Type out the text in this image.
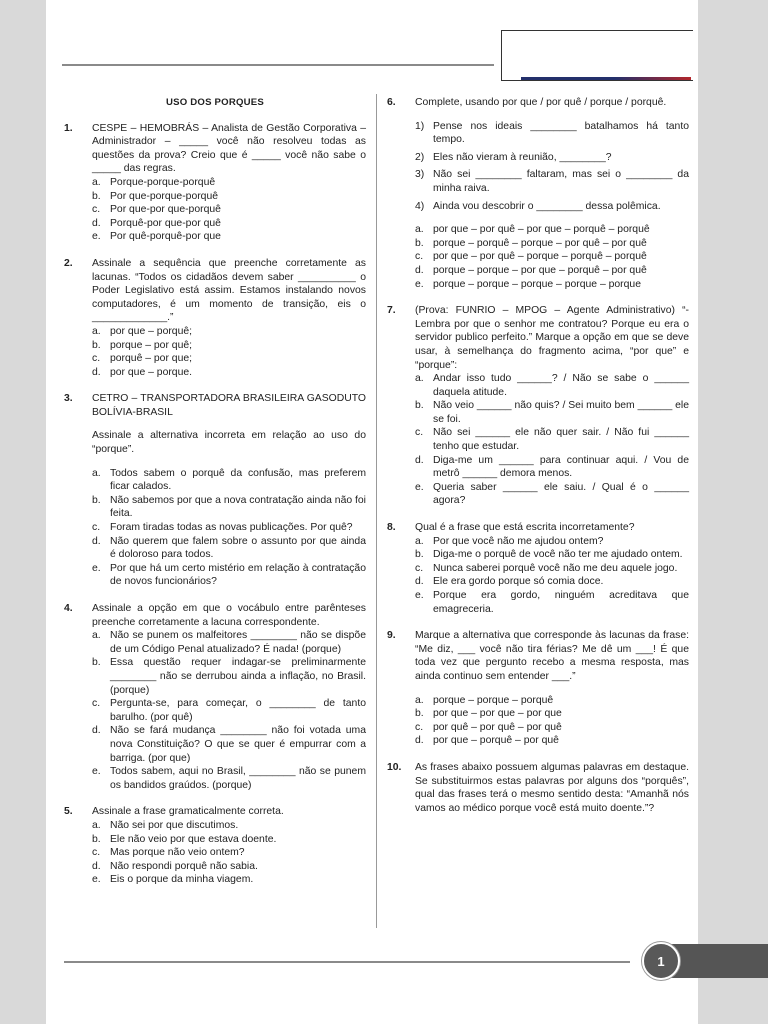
USO DOS PORQUES
1.	CESPE – HEMOBRÁS – Analista de Gestão Corporativa – Administrador – _____ você não resolveu todas as questões da prova? Creio que é _____ você não sabe o _____ das regras.
a. Porque-porque-porquê
b. Por que-porque-porquê
c. Por que-por que-porquê
d. Porquê-por que-por quê
e. Por quê-porquê-por que
2.	Assinale a sequência que preenche corretamente as lacunas. “Todos os cidadãos devem saber __________ o Poder Legislativo está assim. Estamos instalando novos computadores, é um momento de transição, eis o _____________.”
a. por que – porquê;
b. porque – por quê;
c. porquê – por que;
d. por que – porque.
3.	CETRO – TRANSPORTADORA BRASILEIRA GASODUTO BOLÍVIA-BRASIL
Assinale a alternativa incorreta em relação ao uso do “porque”.
a. Todos sabem o porquê da confusão, mas preferem ficar calados.
b. Não sabemos por que a nova contratação ainda não foi feita.
c. Foram tiradas todas as novas publicações. Por quê?
d. Não querem que falem sobre o assunto por que ainda é doloroso para todos.
e. Por que há um certo mistério em relação à contratação de novos funcionários?
4.	Assinale a opção em que o vocábulo entre parênteses preenche corretamente a lacuna correspondente.
a. Não se punem os malfeitores ________ não se dispõe de um Código Penal atualizado? É nada! (porque)
b. Essa questão requer indagar-se preliminarmente ________ não se derrubou ainda a inflação, no Brasil. (porque)
c. Pergunta-se, para começar, o ________ de tanto barulho. (por quê)
d. Não se fará mudança ________ não foi votada uma nova Constituição? O que se quer é empurrar com a barriga. (por que)
e. Todos sabem, aqui no Brasil, ________ não se punem os bandidos graúdos. (porque)
5.	Assinale a frase gramaticalmente correta.
a. Não sei por que discutimos.
b. Ele não veio por que estava doente.
c. Mas porque não veio ontem?
d. Não respondi porquê não sabia.
e. Eis o porque da minha viagem.
6.	Complete, usando por que / por quê / porque / porquê.
1) Pense nos ideais ________ batalhamos há tanto tempo.
2) Eles não vieram à reunião, ________?
3) Não sei ________ faltaram, mas sei o ________ da minha raiva.
4) Ainda vou descobrir o ________ dessa polêmica.
a. por que – por quê – por que – porquê – porquê
b. porque – porquê – porque – por quê – por quê
c. por que – por quê – porque – porquê – porquê
d. porque – porque – por que – porquê – por quê
e. porque – porque – porque – porque – porque
7.	(Prova: FUNRIO – MPOG – Agente Administrativo) “- Lembra por que o senhor me contratou? Porque eu era o servidor publico perfeito.” Marque a opção em que se deve usar, à semelhança do fragmento acima, “por que” e “porque”:
a. Andar isso tudo ______? / Não se sabe o ______ daquela atitude.
b. Não veio ______ não quis? / Sei muito bem ______ ele se foi.
c. Não sei ______ ele não quer sair. / Não fui ______ tenho que estudar.
d. Diga-me um ______ para continuar aqui. / Vou de metrô ______ demora menos.
e. Queria saber ______ ele saiu. / Qual é o ______ agora?
8.	Qual é a frase que está escrita incorretamente?
a. Por que você não me ajudou ontem?
b. Diga-me o porquê de você não ter me ajudado ontem.
c. Nunca saberei porquê você não me deu aquele jogo.
d. Ele era gordo porque só comia doce.
e. Porque era gordo, ninguém acreditava que emagreceria.
9.	Marque a alternativa que corresponde às lacunas da frase: “Me diz, ___ você não tira férias? Me dê um ___! É que toda vez que pergunto recebo a mesma resposta, mas ainda continuo sem entender ___.”
a. porque – porque – porquê
b. por que – por que – por que
c. por quê – por quê – por quê
d. por que – porquê – por quê
10.	As frases abaixo possuem algumas palavras em destaque. Se substituirmos estas palavras por alguns dos “porquês”, qual das frases terá o mesmo sentido desta: “Amanhã nós vamos ao médico porque você está muito doente.”?
1
